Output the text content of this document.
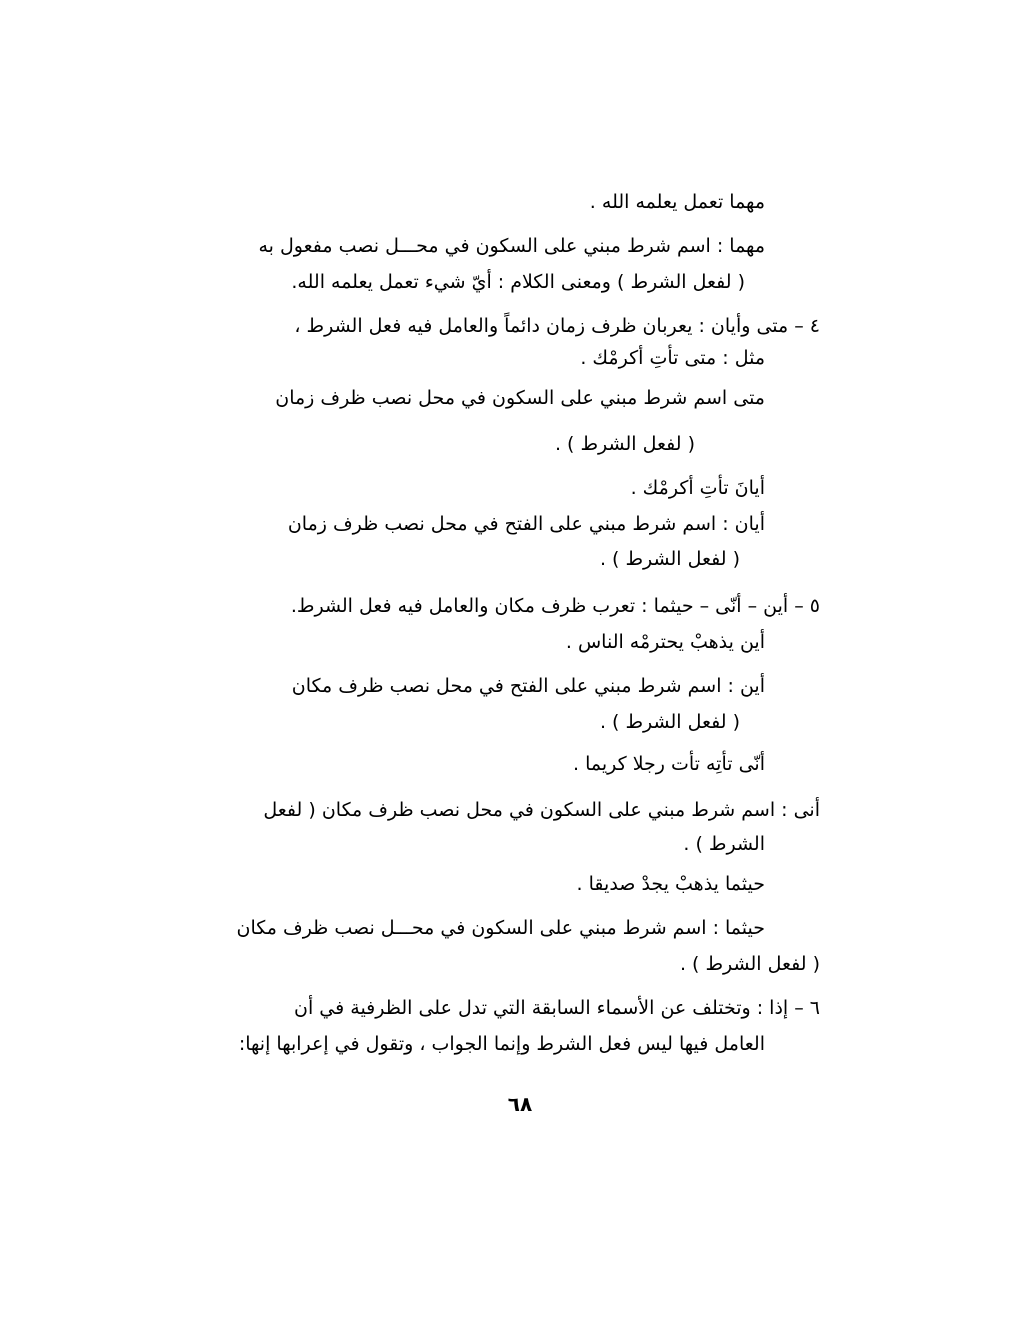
مهما تعمل يعلمه الله .
مهما : اسم شرط مبني على السكون في محـــل نصب مفعول به
( لفعل الشرط ) ومعنى الكلام : أيّ شيء تعمل يعلمه الله.
٤ – متى وأيان : يعربان ظرف زمان دائماً والعامل فيه فعل الشرط ،
مثل : متى تأتِ أكرمْك .
متى اسم شرط مبني على السكون في محل نصب ظرف زمان
( لفعل الشرط ) .
أيانَ تأتِ أكرمْك .
أيان : اسم شرط مبني على الفتح في محل نصب ظرف زمان
( لفعل الشرط ) .
٥ – أين – أنّى – حيثما : تعرب ظرف مكان والعامل فيه فعل الشرط.
أين يذهبْ يحترمْه الناس .
أين : اسم شرط مبني على الفتح في محل نصب ظرف مكان
( لفعل الشرط ) .
أنّى تأتِه تأت رجلا كريما .
أنى : اسم شرط مبني على السكون في محل نصب ظرف مكان ( لفعل
الشرط ) .
حيثما يذهبْ يجدْ صديقا .
حيثما : اسم شرط مبني على السكون في محـــل نصب ظرف مكان
( لفعل الشرط ) .
٦ – إذا : وتختلف عن الأسماء السابقة التي تدل على الظرفية في أن
العامل فيها ليس فعل الشرط وإنما الجواب ، وتقول في إعرابها إنها:
٦٨
